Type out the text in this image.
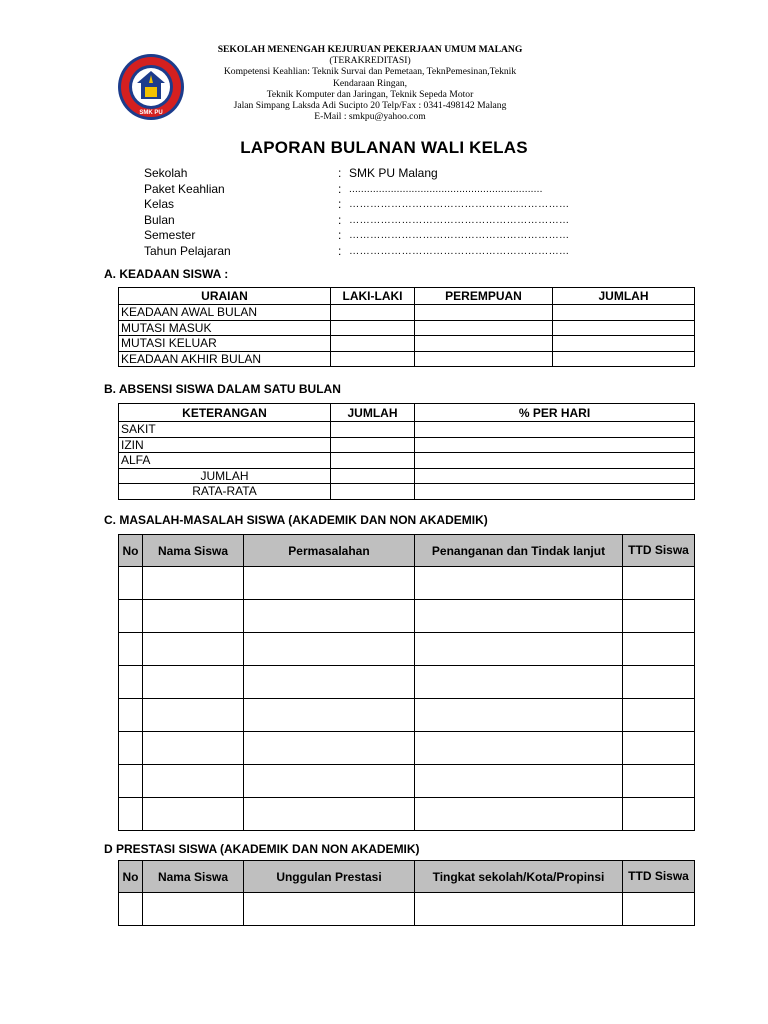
SMK PU
SEKOLAH MENENGAH KEJURUAN PEKERJAAN UMUM MALANG
(TERAKREDITASI)
Kompetensi Keahlian: Teknik Survai dan Pemetaan, TeknPemesinan,Teknik
Kendaraan Ringan,
Teknik Komputer dan Jaringan, Teknik Sepeda Motor
Jalan Simpang Laksda Adi Sucipto 20 Telp/Fax : 0341-498142 Malang
E-Mail : smkpu@yahoo.com
LAPORAN BULANAN WALI KELAS
Sekolah	: SMK PU Malang
Paket Keahlian	: .................................................................
Kelas	: ………………………………………………………
Bulan	: ………………………………………………………
Semester	: ………………………………………………………
Tahun Pelajaran	: ………………………………………………………
A. KEADAAN SISWA :
URAIAN	LAKI-LAKI	PEREMPUAN	JUMLAH
KEADAAN AWAL BULAN			
MUTASI MASUK			
MUTASI KELUAR			
KEADAAN AKHIR BULAN			
B. ABSENSI SISWA DALAM SATU BULAN
KETERANGAN	JUMLAH	% PER HARI
SAKIT		
IZIN		
ALFA		
JUMLAH		
RATA-RATA		
C. MASALAH-MASALAH SISWA (AKADEMIK DAN NON AKADEMIK)
No	Nama Siswa	Permasalahan	Penanganan dan Tindak lanjut	TTD Siswa

D PRESTASI SISWA (AKADEMIK DAN NON AKADEMIK)
No	Nama Siswa	Unggulan Prestasi	Tingkat sekolah/Kota/Propinsi	TTD Siswa
